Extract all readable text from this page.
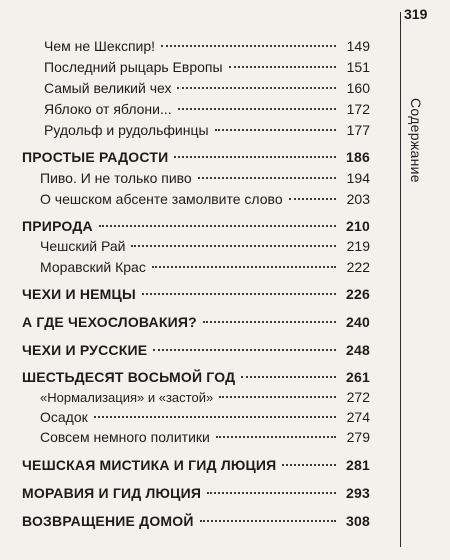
319
Содержание
Чем не Шекспир!	149
Последний рыцарь Европы	151
Самый великий чех	160
Яблоко от яблони...	172
Рудольф и рудольфинцы	177
ПРОСТЫЕ РАДОСТИ	186
Пиво. И не только пиво	194
О чешском абсенте замолвите слово	203
ПРИРОДА	210
Чешский Рай	219
Моравский Крас	222
ЧЕХИ И НЕМЦЫ	226
А ГДЕ ЧЕХОСЛОВАКИЯ?	240
ЧЕХИ И РУССКИЕ	248
ШЕСТЬДЕСЯТ ВОСЬМОЙ ГОД	261
«Нормализация» и «застой»	272
Осадок	274
Совсем немного политики	279
ЧЕШСКАЯ МИСТИКА И ГИД ЛЮЦИЯ	281
МОРАВИЯ И ГИД ЛЮЦИЯ	293
ВОЗВРАЩЕНИЕ ДОМОЙ	308
